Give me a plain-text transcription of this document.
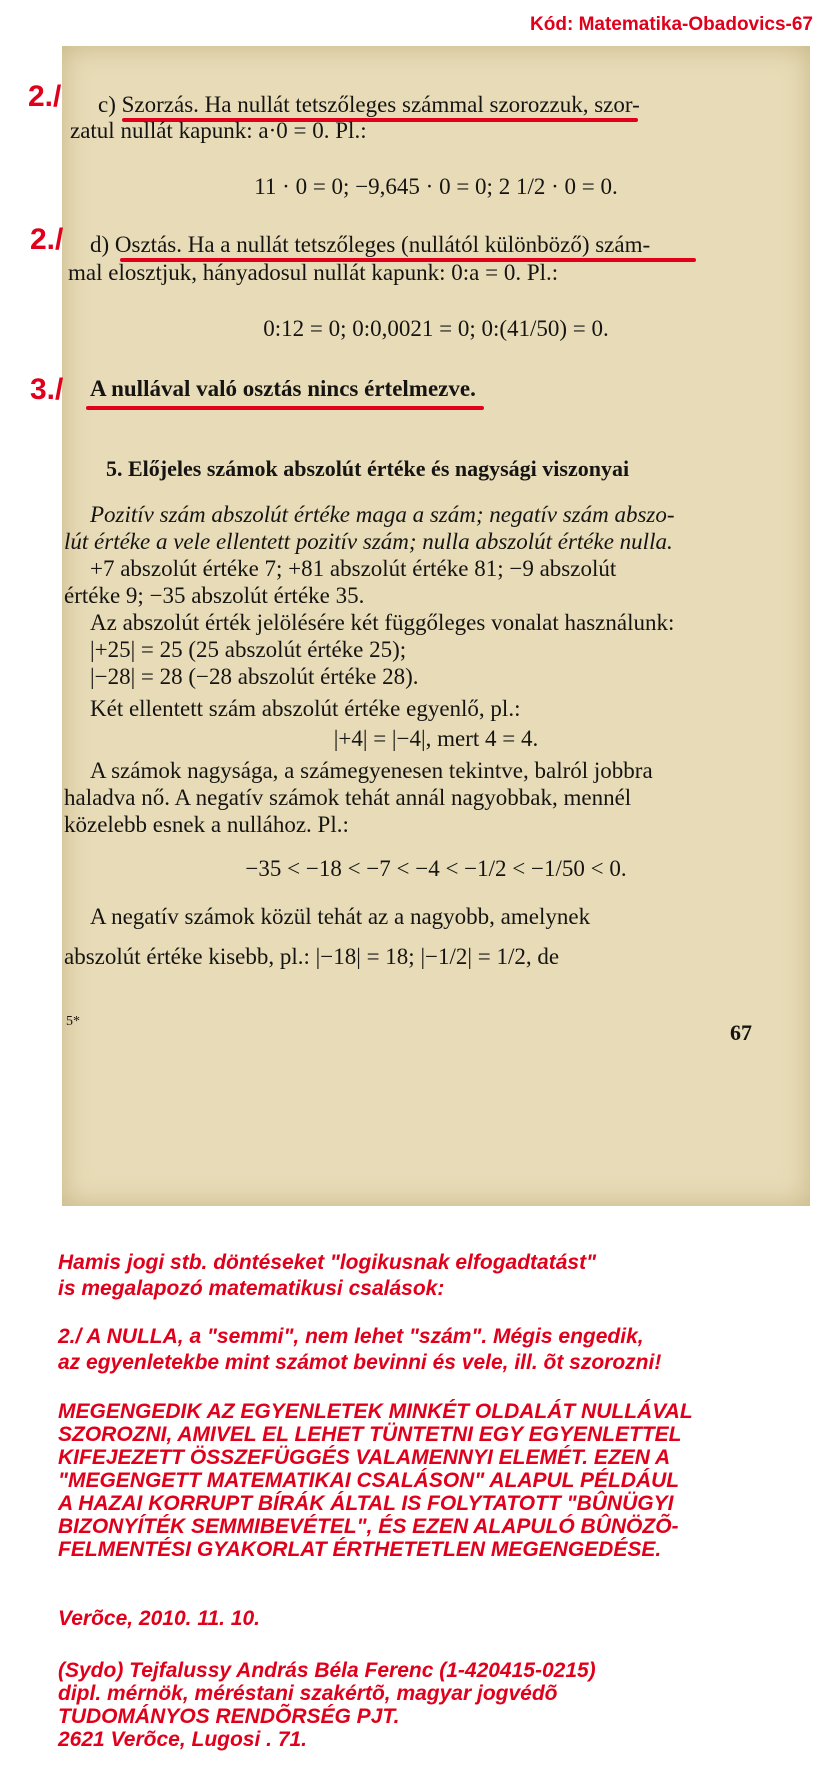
Kód: Matematika-Obadovics-67
c) Szorzás. Ha nullát tetszőleges számmal szorozzuk, szor-
zatul nullát kapunk: a·0 = 0. Pl.:
11 · 0 = 0; −9,645 · 0 = 0; 2 1/2 · 0 = 0.
d) Osztás. Ha a nullát tetszőleges (nullától különböző) szám-
mal elosztjuk, hányadosul nullát kapunk: 0:a = 0. Pl.:
0:12 = 0; 0:0,0021 = 0; 0:(41/50) = 0.
A nullával való osztás nincs értelmezve.
5. Előjeles számok abszolút értéke és nagysági viszonyai
Pozitív szám abszolút értéke maga a szám; negatív szám abszo-
lút értéke a vele ellentett pozitív szám; nulla abszolút értéke nulla.
+7 abszolút értéke 7; +81 abszolút értéke 81; −9 abszolút
értéke 9; −35 abszolút értéke 35.
Az abszolút érték jelölésére két függőleges vonalat használunk:
|+25| = 25 (25 abszolút értéke 25);
|−28| = 28 (−28 abszolút értéke 28).
Két ellentett szám abszolút értéke egyenlő, pl.:
|+4| = |−4|, mert 4 = 4.
A számok nagysága, a számegyenesen tekintve, balról jobbra
haladva nő. A negatív számok tehát annál nagyobbak, mennél
közelebb esnek a nullához. Pl.:
−35 < −18 < −7 < −4 < −1/2 < −1/50 < 0.
A negatív számok közül tehát az a nagyobb, amelynek
abszolút értéke kisebb, pl.: |−18| = 18; |−1/2| = 1/2, de
5*	67
2./
2./
3./
Hamis jogi stb. döntéseket "logikusnak elfogadtatást"
is megalapozó matematikusi csalások:
2./ A NULLA, a "semmi", nem lehet "szám". Mégis engedik,
az egyenletekbe mint számot bevinni és vele, ill. õt szorozni!
MEGENGEDIK AZ EGYENLETEK MINKÉT OLDALÁT NULLÁVAL
SZOROZNI, AMIVEL EL LEHET TÜNTETNI EGY EGYENLETTEL
KIFEJEZETT ÖSSZEFÜGGÉS VALAMENNYI ELEMÉT. EZEN A
"MEGENGETT MATEMATIKAI CSALÁSON" ALAPUL PÉLDÁUL
A HAZAI KORRUPT BÍRÁK ÁLTAL IS FOLYTATOTT "BÛNÜGYI
BIZONYÍTÉK SEMMIBEVÉTEL", ÉS EZEN ALAPULÓ BÛNÖZÕ-
FELMENTÉSI GYAKORLAT ÉRTHETETLEN MEGENGEDÉSE.
Verõce, 2010. 11. 10.
(Sydo) Tejfalussy András Béla Ferenc (1-420415-0215)
dipl. mérnök, méréstani szakértõ, magyar jogvédõ
TUDOMÁNYOS RENDÕRSÉG PJT.
2621 Verõce, Lugosi . 71.
